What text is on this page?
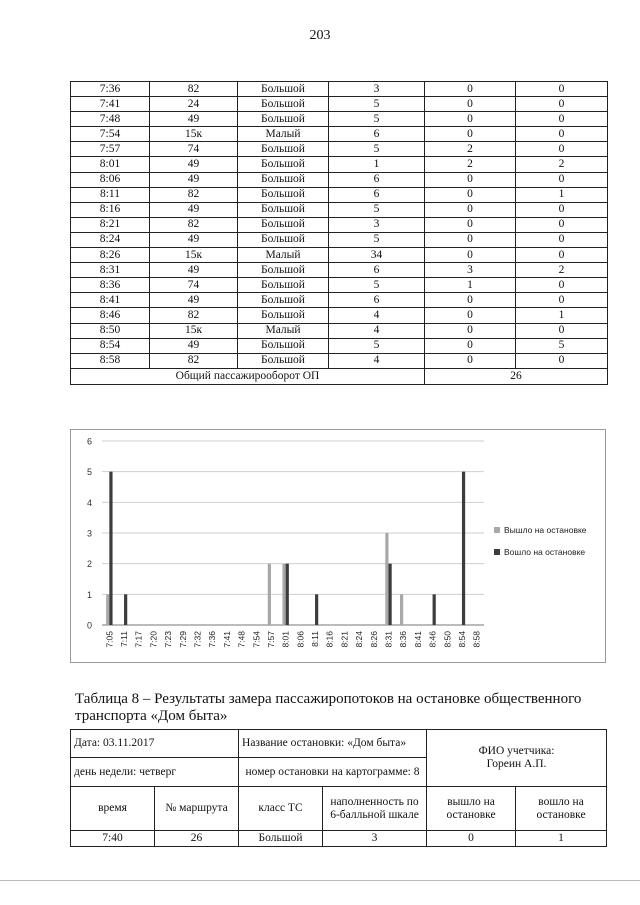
203
7:36	82	Большой	3	0	0
7:41	24	Большой	5	0	0
7:48	49	Большой	5	0	0
7:54	15к	Малый	6	0	0
7:57	74	Большой	5	2	0
8:01	49	Большой	1	2	2
8:06	49	Большой	6	0	0
8:11	82	Большой	6	0	1
8:16	49	Большой	5	0	0
8:21	82	Большой	3	0	0
8:24	49	Большой	5	0	0
8:26	15к	Малый	34	0	0
8:31	49	Большой	6	3	2
8:36	74	Большой	5	1	0
8:41	49	Большой	6	0	0
8:46	82	Большой	4	0	1
8:50	15к	Малый	4	0	0
8:54	49	Большой	5	0	5
8:58	82	Большой	4	0	0
Общий пассажирооборот ОП				26	
0
1
2
3
4
5
6
7:05 7:11 7:17 7:20 7:23 7:29 7:32 7:36 7:41 7:48 7:54 7:57 8:01 8:06 8:11 8:16 8:21 8:24 8:26 8:31 8:36 8:41 8:46 8:50 8:54 8:58
Вышло на остановке
Вошло на остановке
Таблица 8 – Результаты замера пассажиропотоков на остановке общественного
транспорта «Дом быта»
Дата: 03.11.2017		Название остановки: «Дом быта»		ФИО учетчика:
Гореин А.П.	
день недели: четверг		номер остановки на картограмме: 8			
время	№ маршрута	класс ТС	наполненность по 6-балльной шкале	вышло на остановке	вошло на остановке
7:40	26	Большой	3	0	1
